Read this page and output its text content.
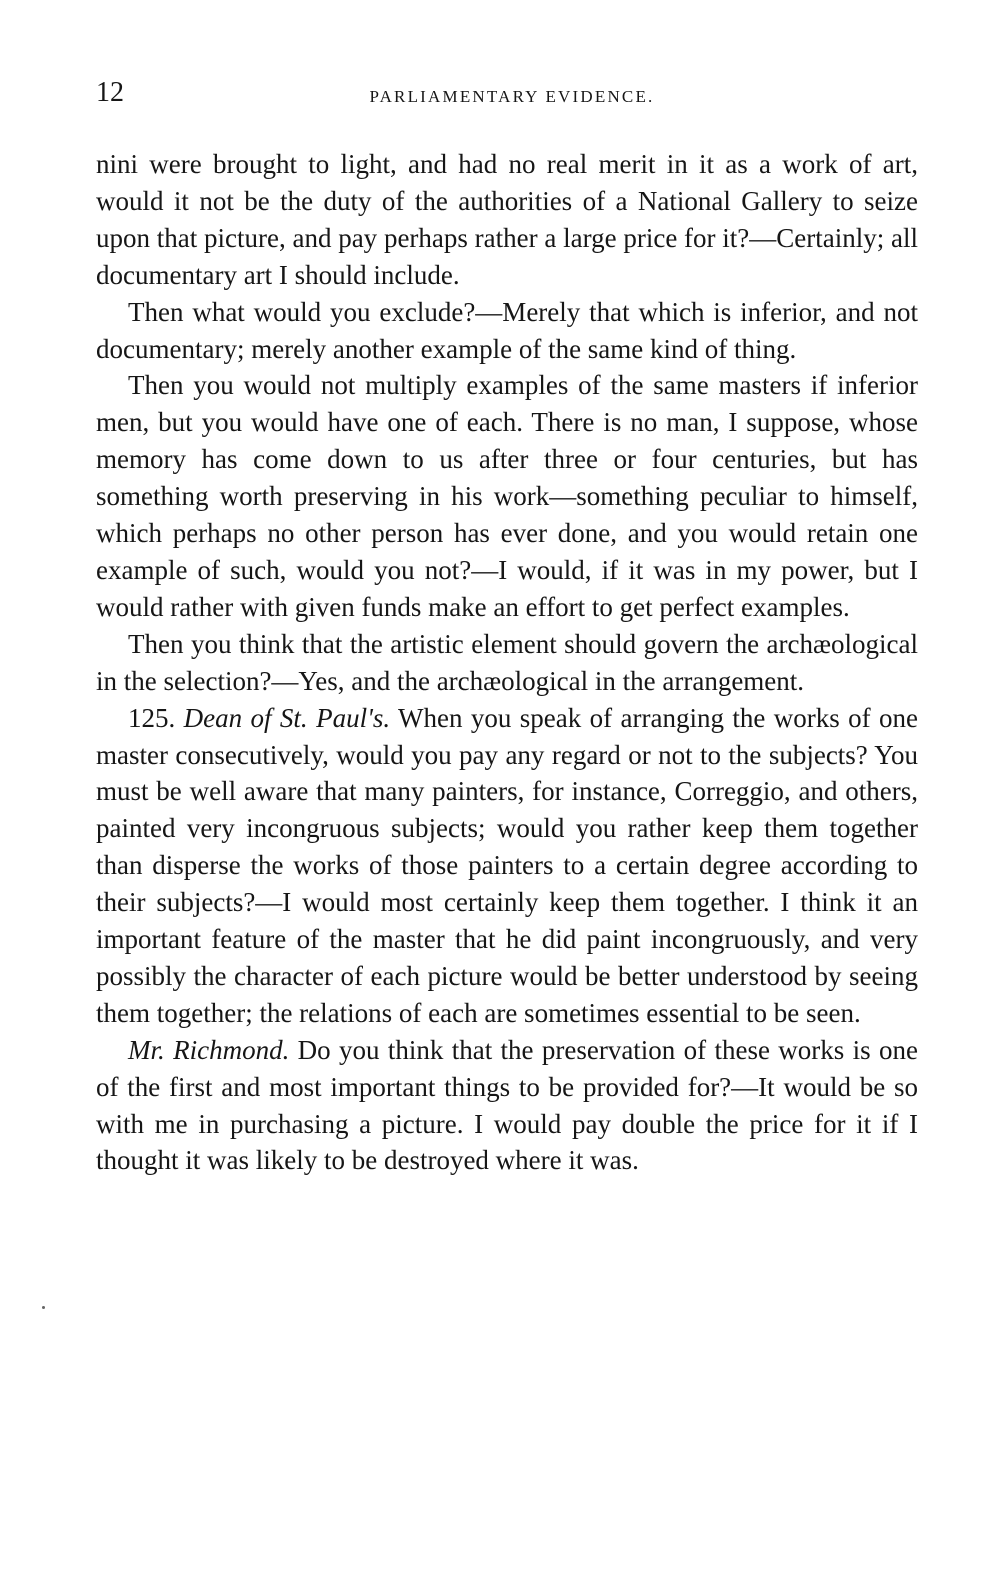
12	PARLIAMENTARY EVIDENCE.

nini were brought to light, and had no real merit in it as a work of art, would it not be the duty of the authorities of a National Gallery to seize upon that picture, and pay perhaps rather a large price for it?—Certainly; all documentary art I should include.

Then what would you exclude?—Merely that which is inferior, and not documentary; merely another example of the same kind of thing.

Then you would not multiply examples of the same masters if inferior men, but you would have one of each. There is no man, I suppose, whose memory has come down to us after three or four centuries, but has something worth preserving in his work—something peculiar to himself, which perhaps no other person has ever done, and you would retain one example of such, would you not?—I would, if it was in my power, but I would rather with given funds make an effort to get perfect examples.

Then you think that the artistic element should govern the archæological in the selection?—Yes, and the archæological in the arrangement.

125. Dean of St. Paul's. When you speak of arranging the works of one master consecutively, would you pay any regard or not to the subjects? You must be well aware that many painters, for instance, Correggio, and others, painted very incongruous subjects; would you rather keep them together than disperse the works of those painters to a certain degree according to their subjects?—I would most certainly keep them together. I think it an important feature of the master that he did paint incongruously, and very possibly the character of each picture would be better understood by seeing them together; the relations of each are sometimes essential to be seen.

Mr. Richmond. Do you think that the preservation of these works is one of the first and most important things to be provided for?—It would be so with me in purchasing a picture. I would pay double the price for it if I thought it was likely to be destroyed where it was.
